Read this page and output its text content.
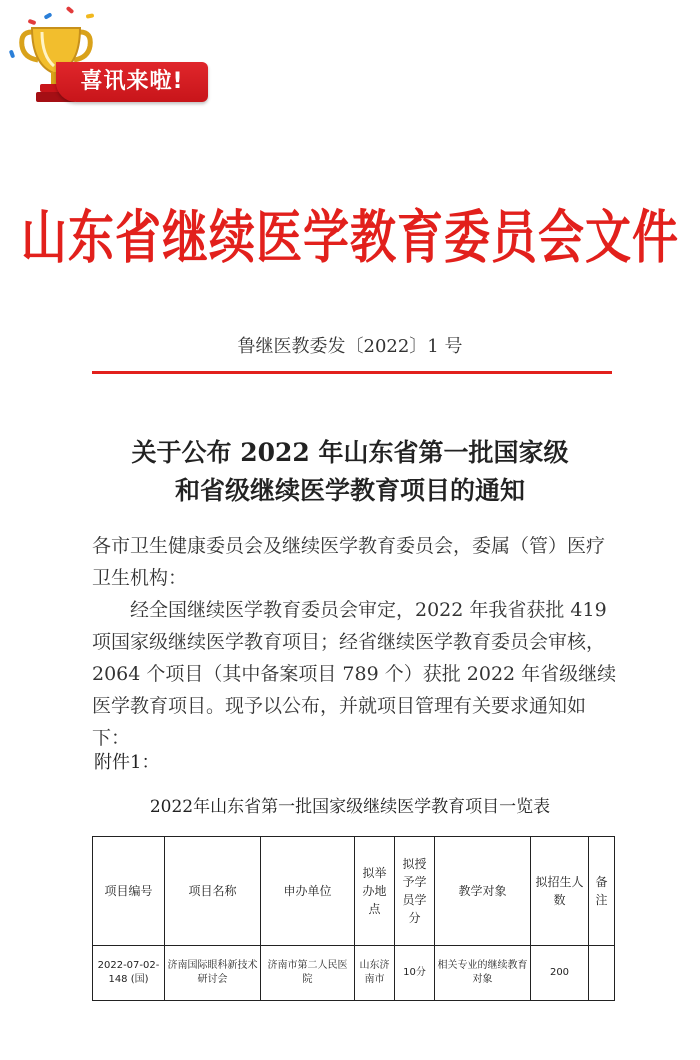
喜讯来啦!
山东省继续医学教育委员会文件
鲁继医教委发〔2022〕1 号
关于公布 2022 年山东省第一批国家级
和省级继续医学教育项目的通知
各市卫生健康委员会及继续医学教育委员会，委属（管）医疗卫生机构：
经全国继续医学教育委员会审定，2022 年我省获批 419 项国家级继续医学教育项目；经省继续医学教育委员会审核，2064 个项目（其中备案项目 789 个）获批 2022 年省级继续医学教育项目。现予以公布，并就项目管理有关要求通知如下：
附件1：
2022年山东省第一批国家级继续医学教育项目一览表
项目编号	项目名称	申办单位	拟举办地点	拟授予学员学分	教学对象	拟招生人数	备注
2022-07-02-148 (国)	济南国际眼科新技术研讨会	济南市第二人民医院	山东济南市	10分	相关专业的继续教育对象	200	
